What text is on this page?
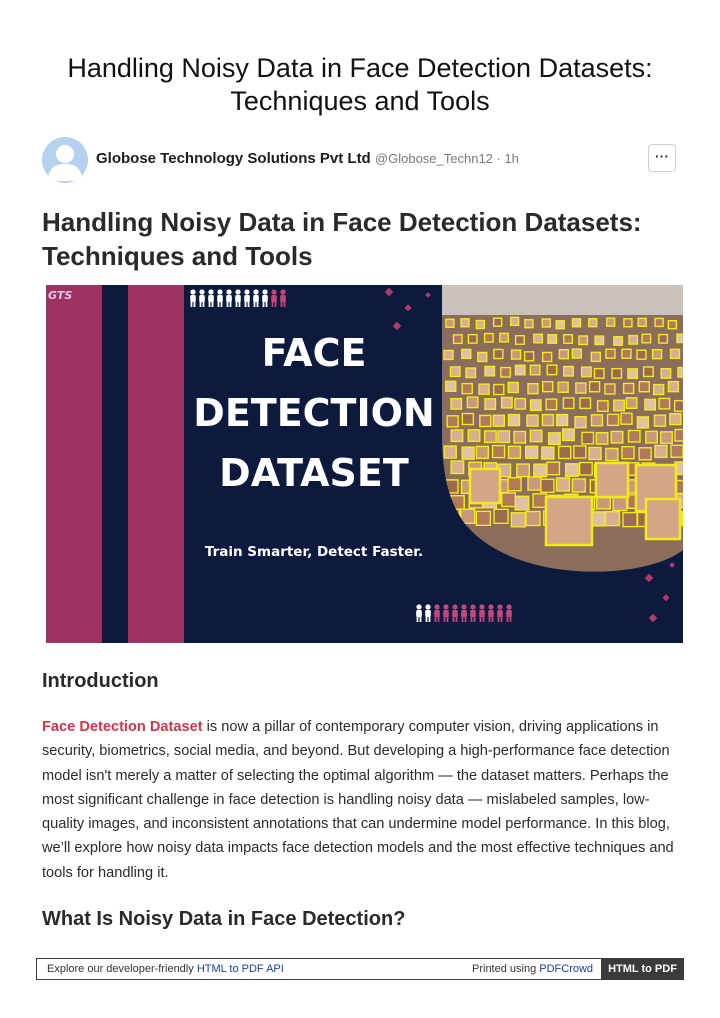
Handling Noisy Data in Face Detection Datasets: Techniques and Tools
Globose Technology Solutions Pvt Ltd @Globose_Techn12 · 1h	···
Handling Noisy Data in Face Detection Datasets: Techniques and Tools
GTS
FACE
DETECTION
DATASET
Train Smarter, Detect Faster.
Introduction

Face Detection Dataset is now a pillar of contemporary computer vision, driving applications in security, biometrics, social media, and beyond. But developing a high-performance face detection model isn't merely a matter of selecting the optimal algorithm — the dataset matters. Perhaps the most significant challenge in face detection is handling noisy data — mislabeled samples, low-quality images, and inconsistent annotations that can undermine model performance. In this blog, we’ll explore how noisy data impacts face detection models and the most effective techniques and tools for handling it.

What Is Noisy Data in Face Detection?
Explore our developer-friendly HTML to PDF API	Printed using PDFCrowd	HTML to PDF
